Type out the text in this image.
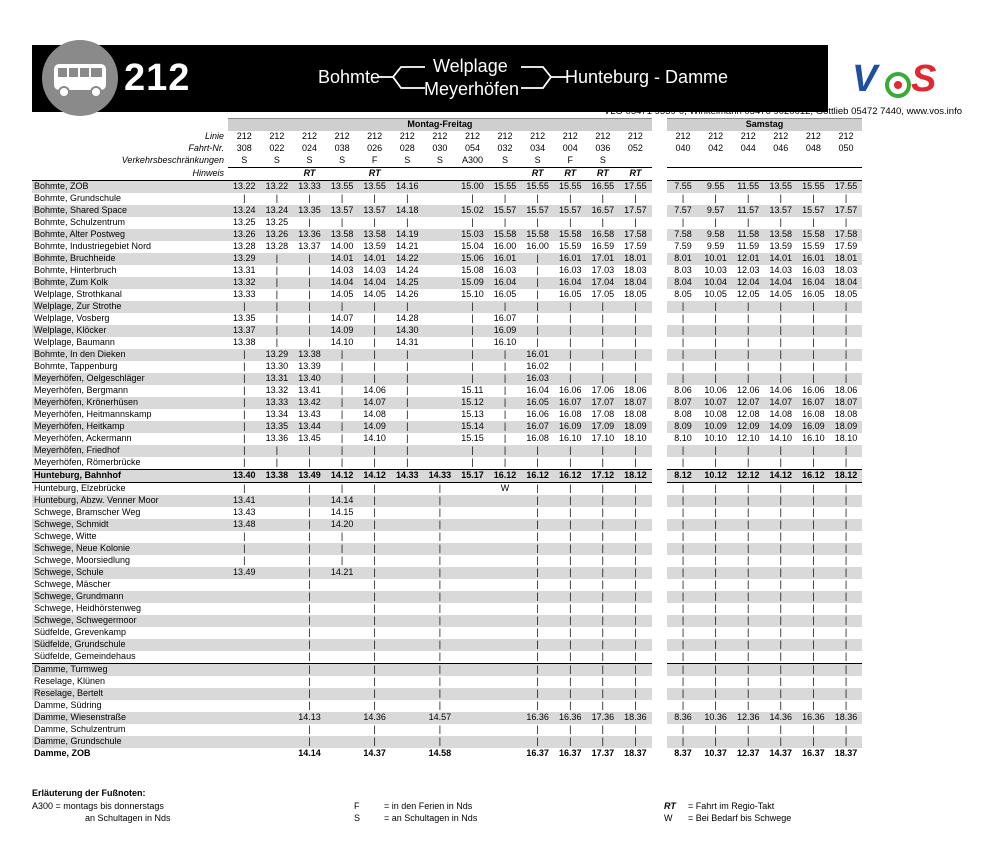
212	Bohmte
Welplage
Meyerhöfen
Hunteburg - Damme	V S
VLO 05471 9559-0, Winkelmann 05476 9020012, Gottlieb 05472 7440, www.vos.info
	Montag-Freitag														Samstag					
Linie	212	212	212	212	212	212	212	212	212	212	212	212	212		212	212	212	212	212	212
Fahrt-Nr.	308	022	024	038	026	028	030	054	032	034	004	036	052		040	042	044	046	048	050
Verkehrsbeschränkungen	S	S	S	S	F	S	S	A300	S	S	F	S								
Hinweis			RT		RT					RT	RT	RT	RT							
Bohmte, ZOB	13.22	13.22	13.33	13.55	13.55	14.16		15.00	15.55	15.55	15.55	16.55	17.55		7.55	9.55	11.55	13.55	15.55	17.55
Bohmte, Grundschule	|	|	|	|	|	|		|	|	|	|	|	|		|	|	|	|	|	|
Bohmte, Shared Space	13.24	13.24	13.35	13.57	13.57	14.18		15.02	15.57	15.57	15.57	16.57	17.57		7.57	9.57	11.57	13.57	15.57	17.57
Bohmte, Schulzentrum	13.25	13.25	|	|	|	|		|	|	|	|	|	|		|	|	|	|	|	|
Bohmte, Alter Postweg	13.26	13.26	13.36	13.58	13.58	14.19		15.03	15.58	15.58	15.58	16.58	17.58		7.58	9.58	11.58	13.58	15.58	17.58
Bohmte, Industriegebiet Nord	13.28	13.28	13.37	14.00	13.59	14.21		15.04	16.00	16.00	15.59	16.59	17.59		7.59	9.59	11.59	13.59	15.59	17.59
Bohmte, Bruchheide	13.29	|	|	14.01	14.01	14.22		15.06	16.01	|	16.01	17.01	18.01		8.01	10.01	12.01	14.01	16.01	18.01
Bohmte, Hinterbruch	13.31	|	|	14.03	14.03	14.24		15.08	16.03	|	16.03	17.03	18.03		8.03	10.03	12.03	14.03	16.03	18.03
Bohmte, Zum Kolk	13.32	|	|	14.04	14.04	14.25		15.09	16.04	|	16.04	17.04	18.04		8.04	10.04	12.04	14.04	16.04	18.04
Welplage, Strothkanal	13.33	|	|	14.05	14.05	14.26		15.10	16.05	|	16.05	17.05	18.05		8.05	10.05	12.05	14.05	16.05	18.05
Welplage, Zur Strothe	|	|	|	|	|	|		|	|	|	|	|	|		|	|	|	|	|	|
Welplage, Vosberg	13.35	|	|	14.07	|	14.28		|	16.07	|	|	|	|		|	|	|	|	|	|
Welplage, Klöcker	13.37	|	|	14.09	|	14.30		|	16.09	|	|	|	|		|	|	|	|	|	|
Welplage, Baumann	13.38	|	|	14.10	|	14.31		|	16.10	|	|	|	|		|	|	|	|	|	|
Bohmte, In den Dieken	|	13.29	13.38	|	|	|		|	|	16.01	|	|	|		|	|	|	|	|	|
Bohmte, Tappenburg	|	13.30	13.39	|	|	|		|	|	16.02	|	|	|		|	|	|	|	|	|
Meyerhöfen, Oelgeschläger	|	13.31	13.40	|	|	|		|	|	16.03	|	|	|		|	|	|	|	|	|
Meyerhöfen, Bergmann	|	13.32	13.41	|	14.06	|		15.11	|	16.04	16.06	17.06	18.06		8.06	10.06	12.06	14.06	16.06	18.06
Meyerhöfen, Krönerhüsen	|	13.33	13.42	|	14.07	|		15.12	|	16.05	16.07	17.07	18.07		8.07	10.07	12.07	14.07	16.07	18.07
Meyerhöfen, Heitmannskamp	|	13.34	13.43	|	14.08	|		15.13	|	16.06	16.08	17.08	18.08		8.08	10.08	12.08	14.08	16.08	18.08
Meyerhöfen, Heitkamp	|	13.35	13.44	|	14.09	|		15.14	|	16.07	16.09	17.09	18.09		8.09	10.09	12.09	14.09	16.09	18.09
Meyerhöfen, Ackermann	|	13.36	13.45	|	14.10	|		15.15	|	16.08	16.10	17.10	18.10		8.10	10.10	12.10	14.10	16.10	18.10
Meyerhöfen, Friedhof	|	|	|	|	|	|		|	|	|	|	|	|		|	|	|	|	|	|
Meyerhöfen, Römerbrücke	|	|	|	|	|	|		|	|	|	|	|	|		|	|	|	|	|	|
Hunteburg, Bahnhof	13.40	13.38	13.49	14.12	14.12	14.33	14.33	15.17	16.12	16.12	16.12	17.12	18.12		8.12	10.12	12.12	14.12	16.12	18.12
Hunteburg, Elzebrücke	|		|	|	|		|		W	|	|	|	|		|	|	|	|	|	|
Hunteburg, Abzw. Venner Moor	13.41		|	14.14	|		|			|	|	|	|		|	|	|	|	|	|
Schwege, Bramscher Weg	13.43		|	14.15	|		|			|	|	|	|		|	|	|	|	|	|
Schwege, Schmidt	13.48		|	14.20	|		|			|	|	|	|		|	|	|	|	|	|
Schwege, Witte	|		|	|	|		|			|	|	|	|		|	|	|	|	|	|
Schwege, Neue Kolonie	|		|	|	|		|			|	|	|	|		|	|	|	|	|	|
Schwege, Moorsiedlung	|		|	|	|		|			|	|	|	|		|	|	|	|	|	|
Schwege, Schule	13.49		|	14.21	|		|			|	|	|	|		|	|	|	|	|	|
Schwege, Mäscher			|		|		|			|	|	|	|		|	|	|	|	|	|
Schwege, Grundmann			|		|		|			|	|	|	|		|	|	|	|	|	|
Schwege, Heidhörstenweg			|		|		|			|	|	|	|		|	|	|	|	|	|
Schwege, Schwegermoor			|		|		|			|	|	|	|		|	|	|	|	|	|
Südfelde, Grevenkamp			|		|		|			|	|	|	|		|	|	|	|	|	|
Südfelde, Grundschule			|		|		|			|	|	|	|		|	|	|	|	|	|
Südfelde, Gemeindehaus			|		|		|			|	|	|	|		|	|	|	|	|	|
Damme, Turmweg			|		|		|			|	|	|	|		|	|	|	|	|	|
Reselage, Klünen			|		|		|			|	|	|	|		|	|	|	|	|	|
Reselage, Bertelt			|		|		|			|	|	|	|		|	|	|	|	|	|
Damme, Südring			|		|		|			|	|	|	|		|	|	|	|	|	|
Damme, Wiesenstraße			14.13		14.36		14.57			16.36	16.36	17.36	18.36		8.36	10.36	12.36	14.36	16.36	18.36
Damme, Schulzentrum			|		|		|			|	|	|	|		|	|	|	|	|	|
Damme, Grundschule			|		|		|			|	|	|	|		|	|	|	|	|	|
Damme, ZOB			14.14		14.37		14.58			16.37	16.37	17.37	18.37		8.37	10.37	12.37	14.37	16.37	18.37
Erläuterung der Fußnoten:
A300 = montags bis donnerstags
an Schultagen in Nds
F	= in den Ferien in Nds
S	= an Schultagen in Nds
RT = Fahrt im Regio-Takt
W = Bei Bedarf bis Schwege
